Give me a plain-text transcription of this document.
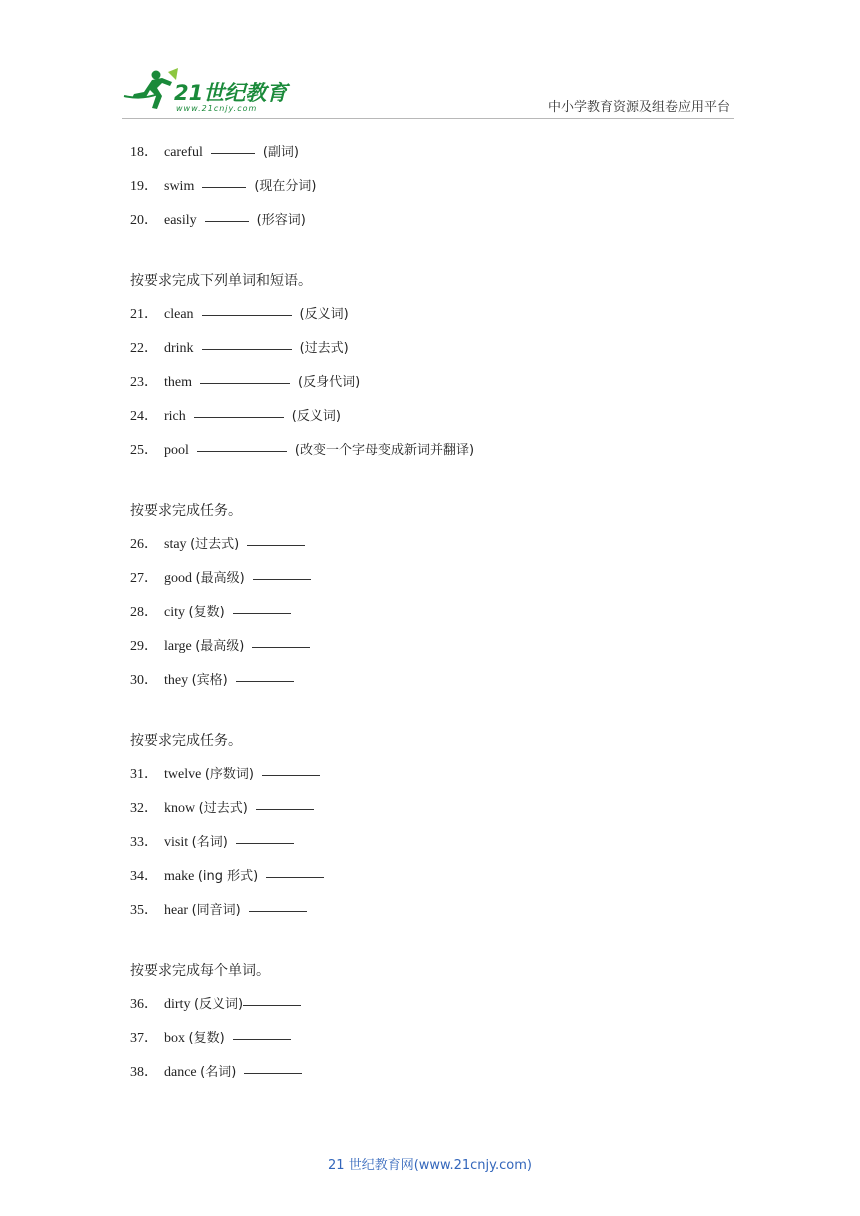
21世纪教育
www.21cnjy.com	中小学教育资源及组卷应用平台
18． careful	(副词)
19． swim	(现在分词)
20． easily	(形容词)
按要求完成下列单词和短语。
21． clean	(反义词)
22． drink	(过去式)
23． them	(反身代词)
24． rich	(反义词)
25． pool	(改变一个字母变成新词并翻译)
按要求完成任务。
26． stay (过去式)
27． good (最高级)
28． city (复数)
29． large (最高级)
30． they (宾格)
按要求完成任务。
31． twelve (序数词)
32． know (过去式)
33． visit (名词)
34． make (ing 形式)
35． hear (同音词)
按要求完成每个单词。
36． dirty (反义词)
37． box (复数)
38． dance (名词)
21 世纪教育网(www.21cnjy.com)
